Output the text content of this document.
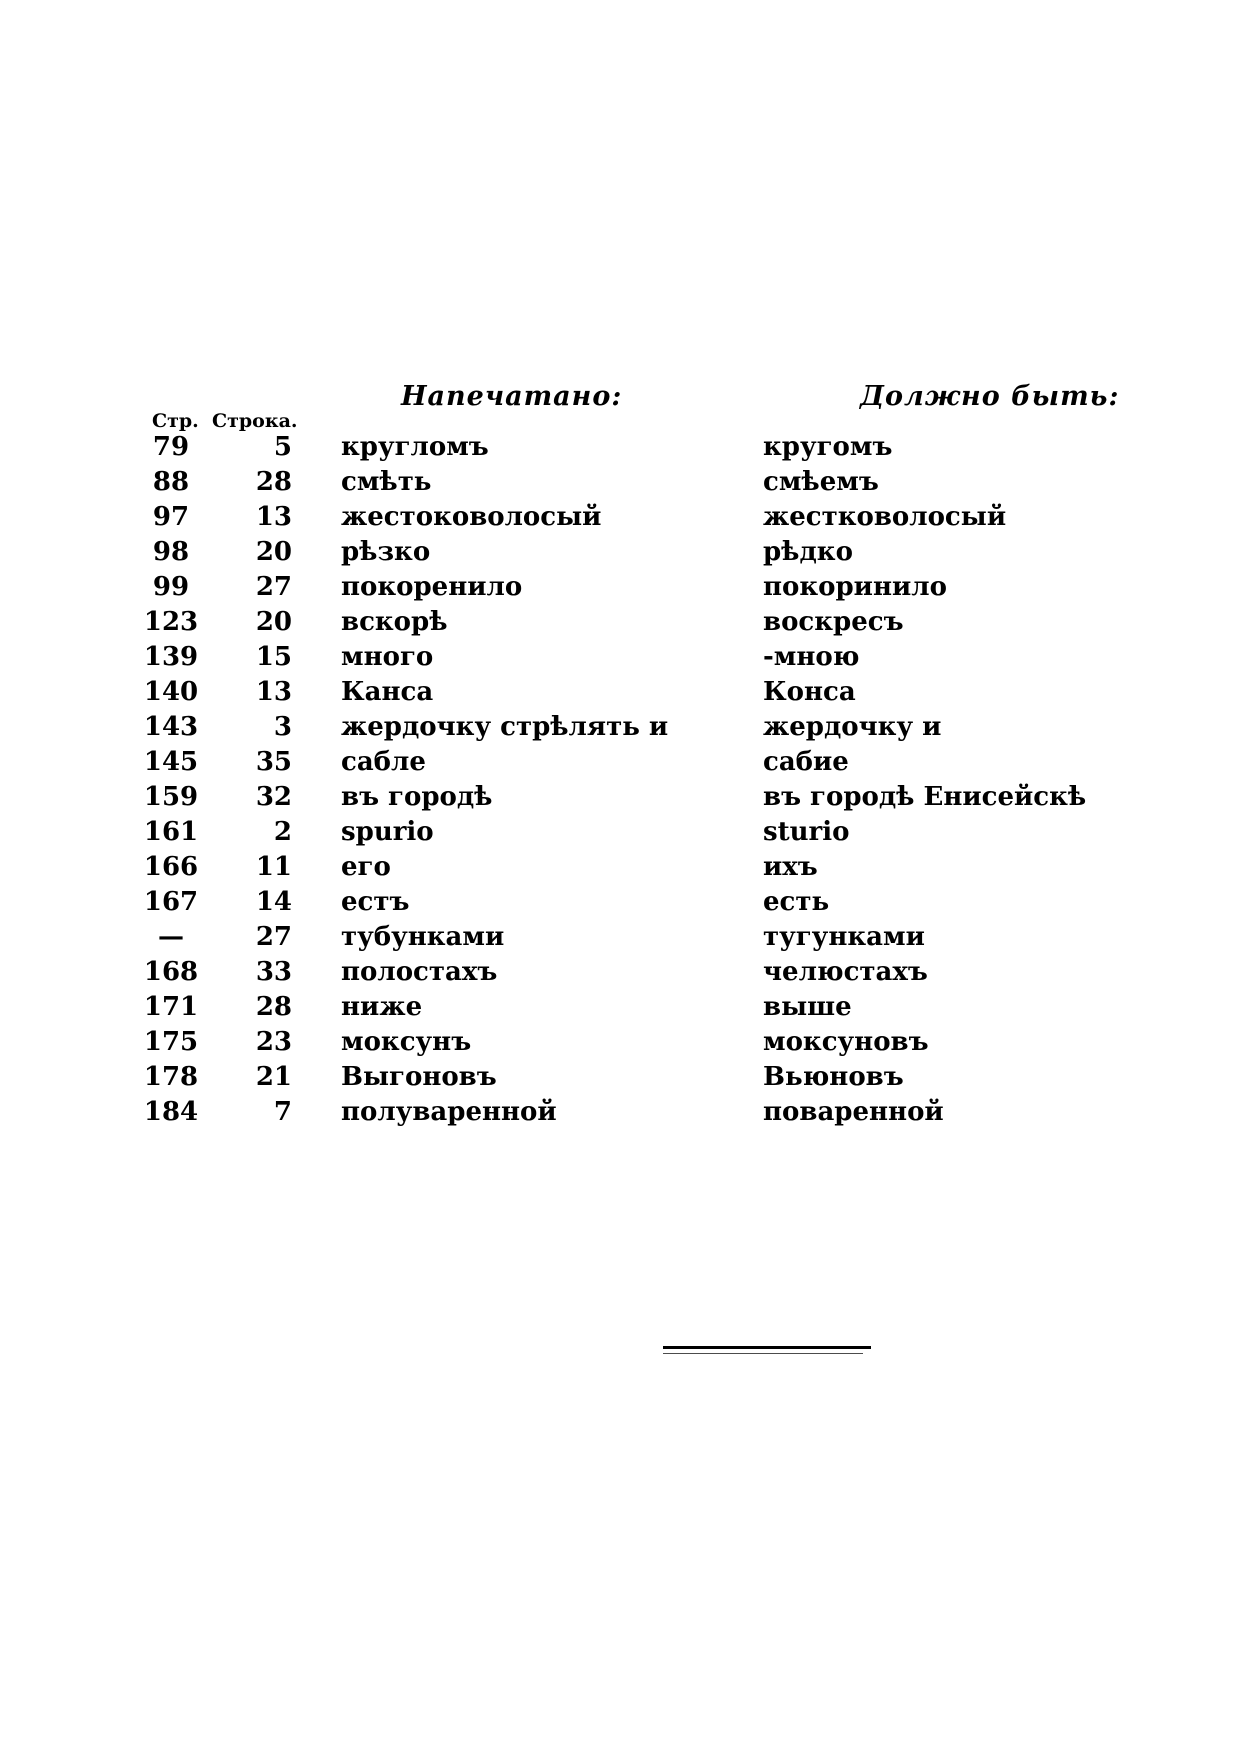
Напечатано:	Должно быть:
Стр. Строка.
79	5 кругломъ	кругомъ
88	28 смѣть	смѣемъ
97	13 жестоковолосый	жестковолосый
98	20 рѣзко	рѣдко
99	27 покоренило	покоринило
123	20 вскорѣ	воскресъ
139	15 много	-мною
140	13 Канса	Конса
143	3 жердочку стрѣлять и	жердочку и
145	35 сабле	сабие
159	32 въ городѣ	въ городѣ Енисейскѣ
161	2 spurio	sturio
166	11 его	ихъ
167	14 естъ	есть
—	27 тубунками	тугунками
168	33 полостахъ	челюстахъ
171	28 ниже	выше
175	23 моксунъ	моксуновъ
178	21 Выгоновъ	Вьюновъ
184	7 полуваренной	поваренной
